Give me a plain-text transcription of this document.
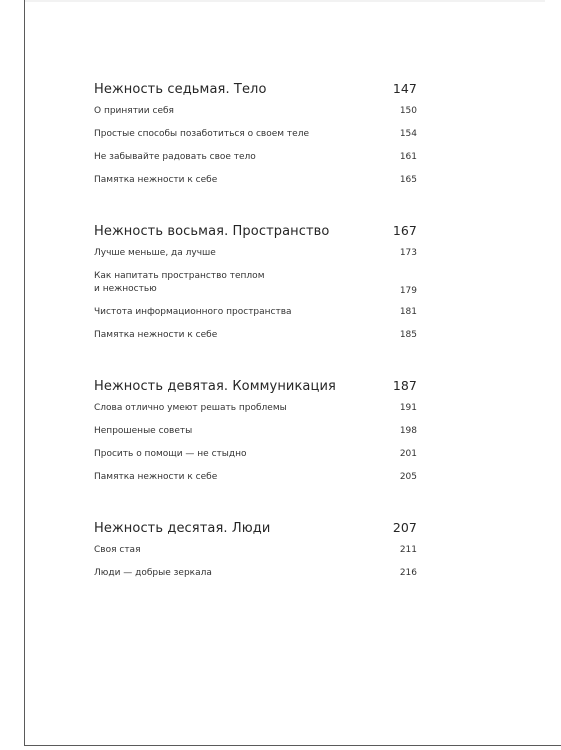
Нежность седьмая. Тело	147
О принятии себя	150
Простые способы позаботиться о своем теле	154
Не забывайте радовать свое тело	161
Памятка нежности к себе	165
Нежность восьмая. Пространство	167
Лучше меньше, да лучше	173
Как напитать пространство теплом
и нежностью	179
Чистота информационного пространства	181
Памятка нежности к себе	185
Нежность девятая. Коммуникация	187
Слова отлично умеют решать проблемы	191
Непрошеные советы	198
Просить о помощи — не стыдно	201
Памятка нежности к себе	205
Нежность десятая. Люди	207
Своя стая	211
Люди — добрые зеркала	216
